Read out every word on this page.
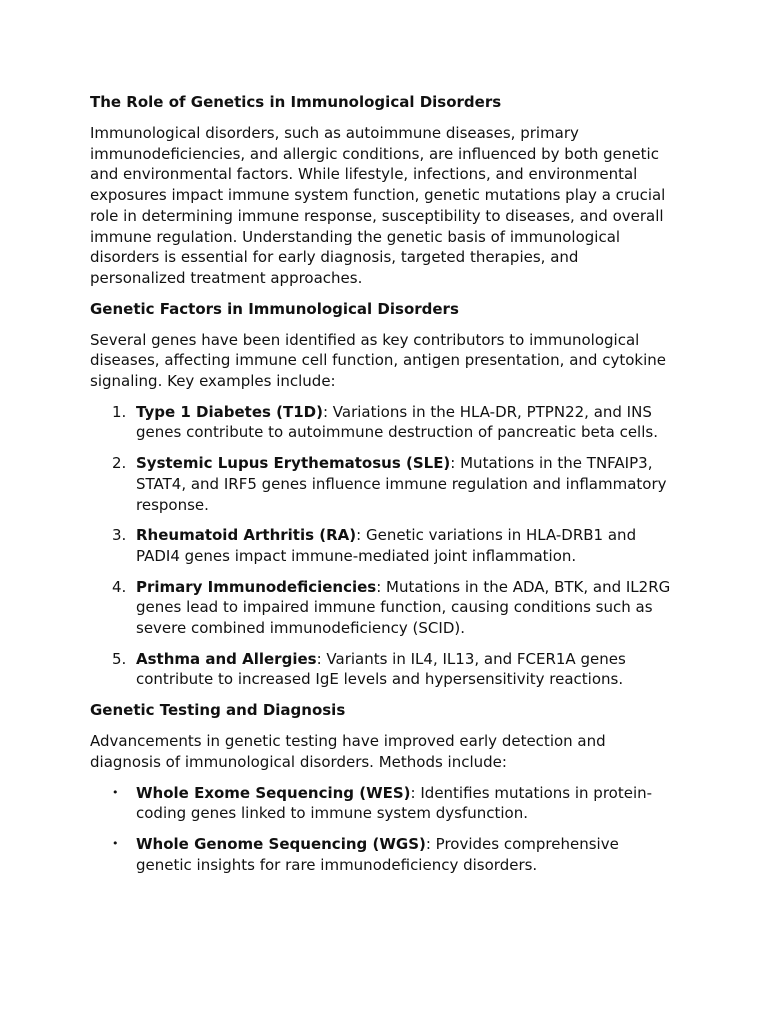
The Role of Genetics in Immunological Disorders

Immunological disorders, such as autoimmune diseases, primary immunodeficiencies, and allergic conditions, are influenced by both genetic and environmental factors. While lifestyle, infections, and environmental exposures impact immune system function, genetic mutations play a crucial role in determining immune response, susceptibility to diseases, and overall immune regulation. Understanding the genetic basis of immunological disorders is essential for early diagnosis, targeted therapies, and personalized treatment approaches.

Genetic Factors in Immunological Disorders

Several genes have been identified as key contributors to immunological diseases, affecting immune cell function, antigen presentation, and cytokine signaling. Key examples include:

1. Type 1 Diabetes (T1D): Variations in the HLA-DR, PTPN22, and INS genes contribute to autoimmune destruction of pancreatic beta cells.
2. Systemic Lupus Erythematosus (SLE): Mutations in the TNFAIP3, STAT4, and IRF5 genes influence immune regulation and inflammatory response.
3. Rheumatoid Arthritis (RA): Genetic variations in HLA-DRB1 and PADI4 genes impact immune-mediated joint inflammation.
4. Primary Immunodeficiencies: Mutations in the ADA, BTK, and IL2RG genes lead to impaired immune function, causing conditions such as severe combined immunodeficiency (SCID).
5. Asthma and Allergies: Variants in IL4, IL13, and FCER1A genes contribute to increased IgE levels and hypersensitivity reactions.
Genetic Testing and Diagnosis

Advancements in genetic testing have improved early detection and diagnosis of immunological disorders. Methods include:

• Whole Exome Sequencing (WES): Identifies mutations in protein-coding genes linked to immune system dysfunction.
• Whole Genome Sequencing (WGS): Provides comprehensive genetic insights for rare immunodeficiency disorders.
